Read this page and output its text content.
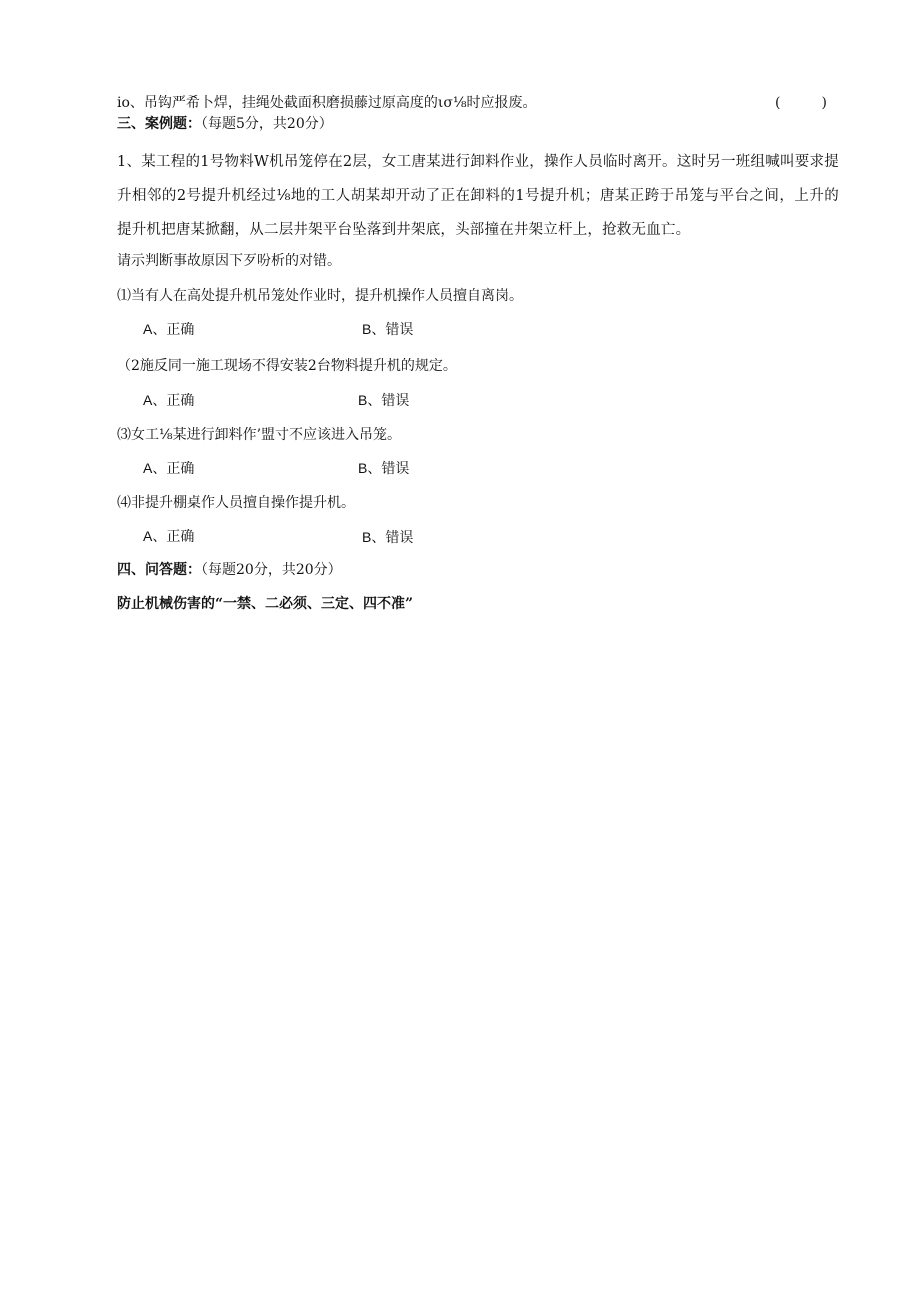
io、吊钩严希卜焊，挂绳处截面积磨损藤过原高度的ισ⅛时应报废。	(	)
三、案例题：（每题5分，共20分）
1、某工程的1号物料W机吊笼停在2层，女工唐某进行卸料作业，操作人员临时离开。这时另一班组喊叫要求提升相邻的2号提升机经过⅛地的工人胡某却开动了正在卸料的1号提升机；唐某正跨于吊笼与平台之间，上升的提升机把唐某掀翻，从二层井架平台坠落到井架底，头部撞在井架立杆上，抢救无血亡。
请示判断事故原因下歹吩析的对错。
⑴当有人在高处提升机吊笼处作业时，提升机操作人员擅自离岗。
A、正确	B、错误
（2施反同一施工现场不得安装2台物料提升机的规定。
A、正确	B、错误
⑶女工⅛某进行卸料作’盟寸不应该进入吊笼。
A、正确	B、错误
⑷非提升棚桌作人员擅自操作提升机。
A、正确	B、错误
四、问答题：（每题20分，共20分）
防止机械伤害的“一禁、二必须、三定、四不准”
